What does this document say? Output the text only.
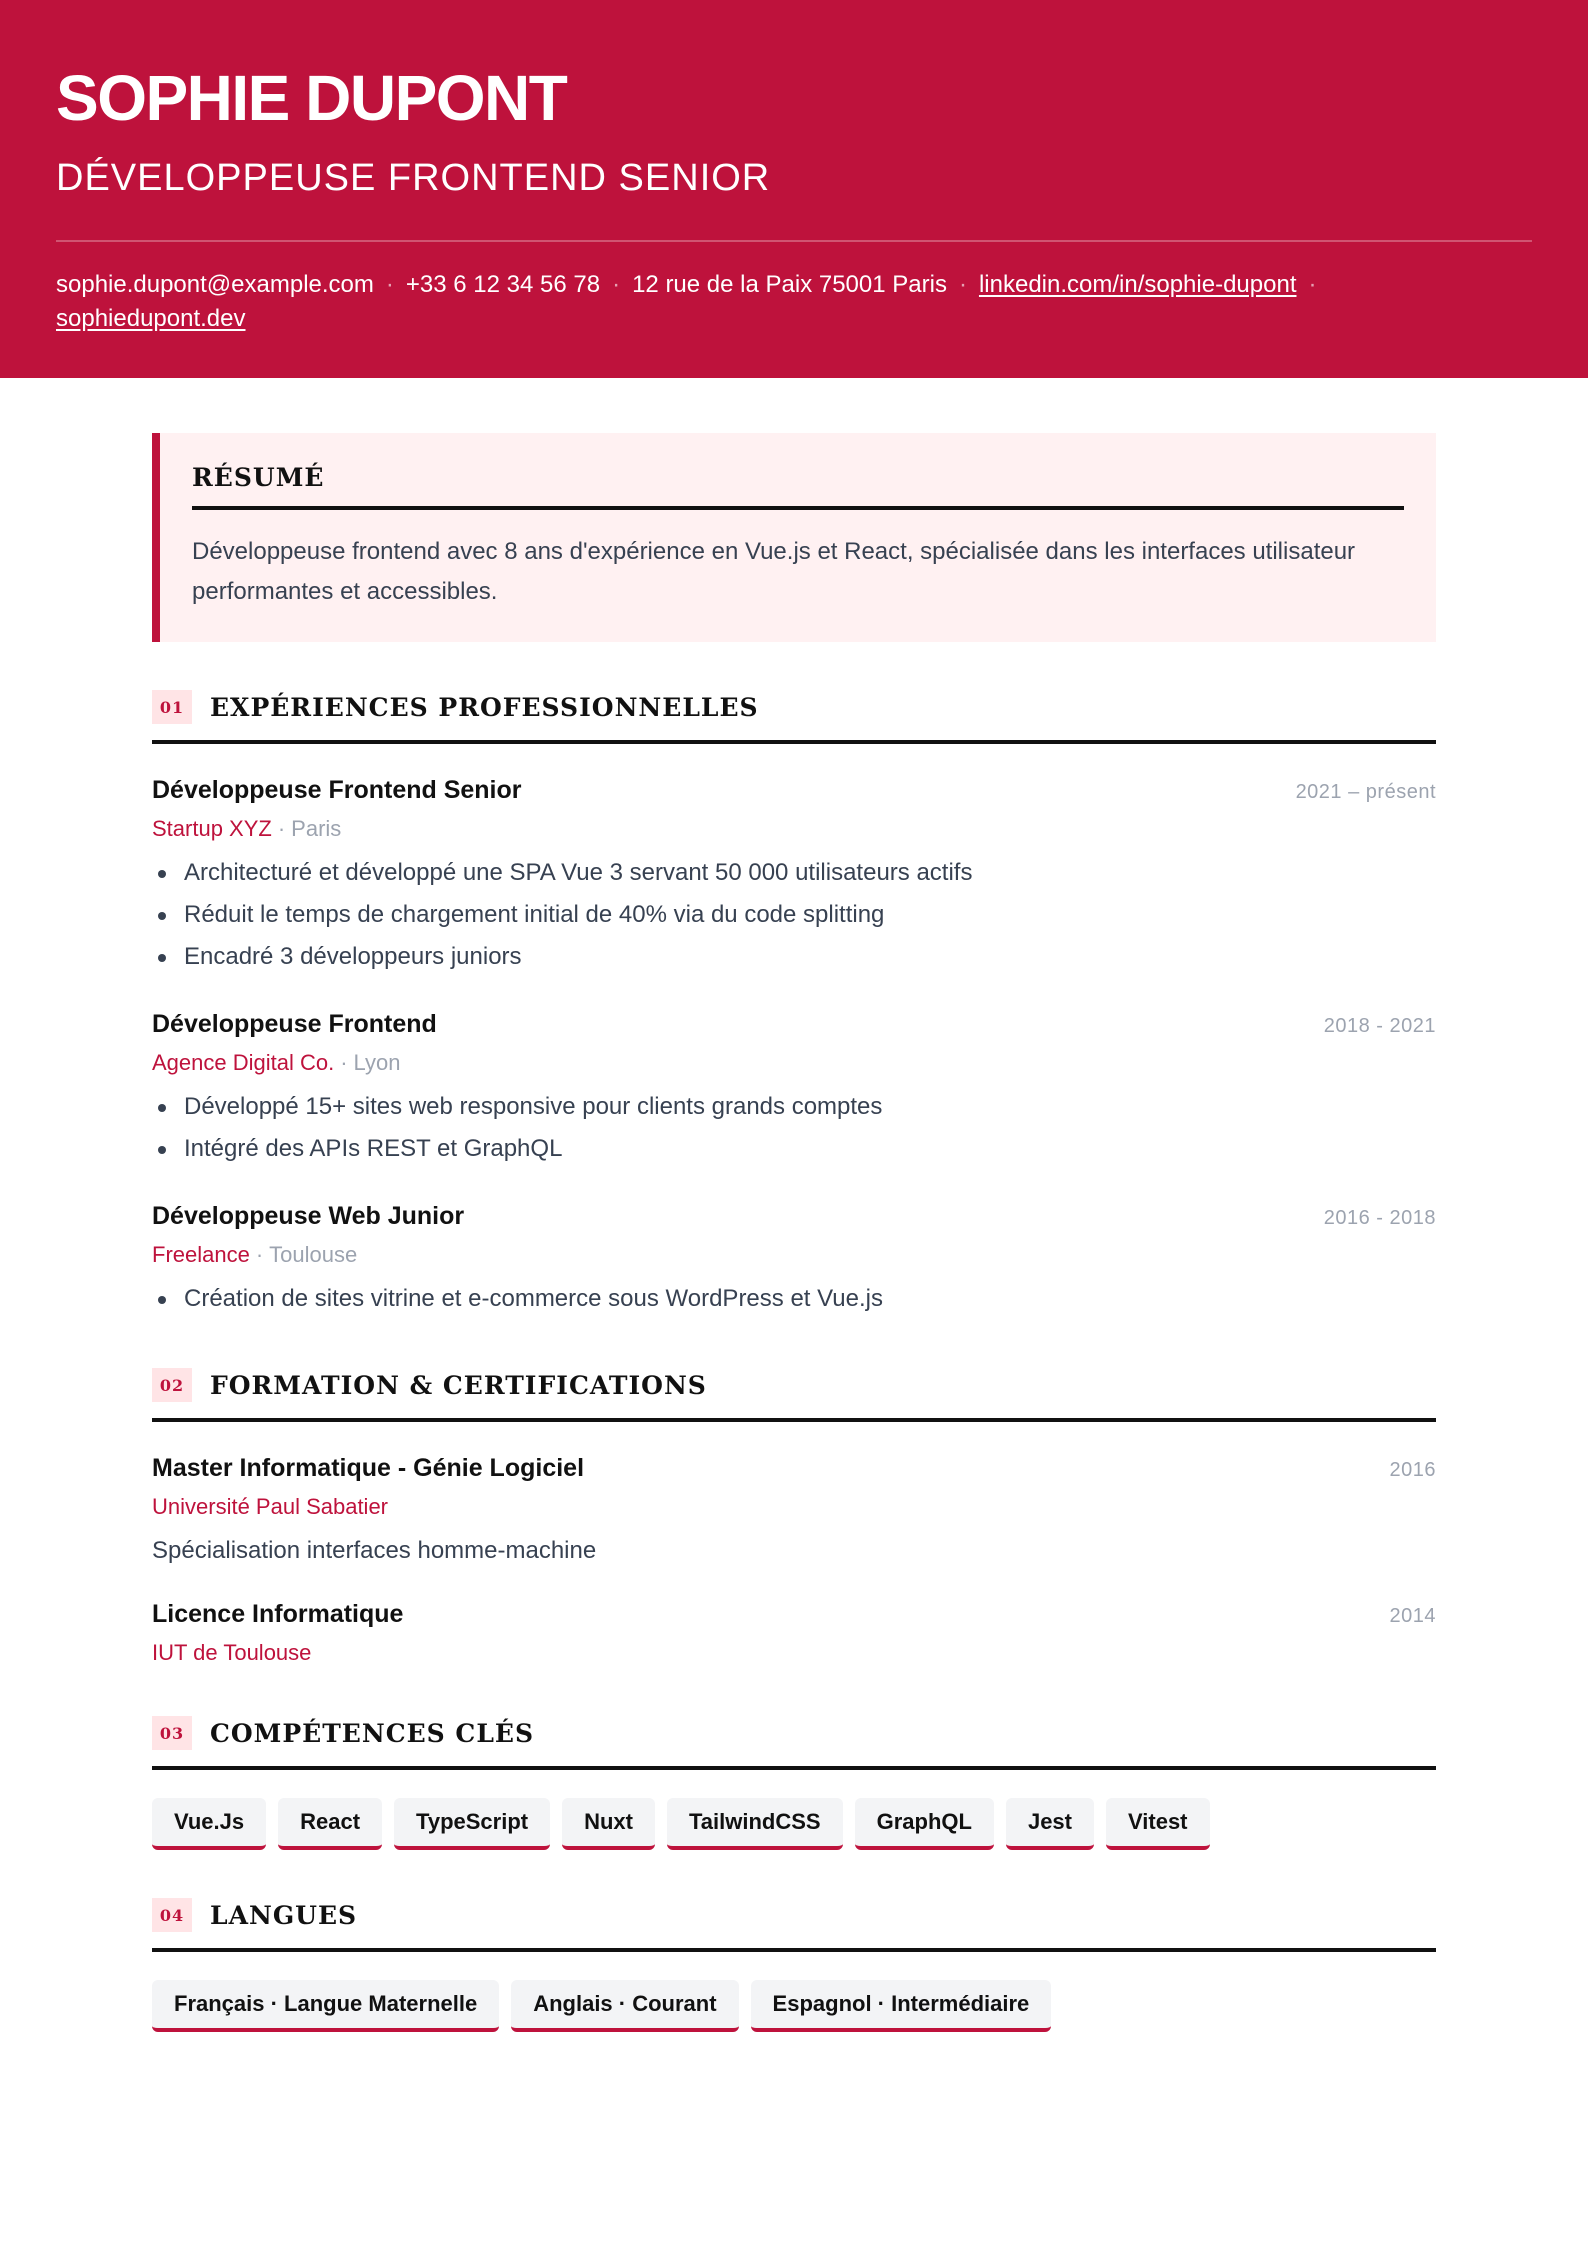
SOPHIE DUPONT
DÉVELOPPEUSE FRONTEND SENIOR
sophie.dupont@example.com · +33 6 12 34 56 78 · 12 rue de la Paix 75001 Paris · linkedin.com/in/sophie-dupont ·
sophiedupont.dev
RÉSUMÉ

Développeuse frontend avec 8 ans d'expérience en Vue.js et React, spécialisée dans les interfaces utilisateur performantes et accessibles.

01	EXPÉRIENCES PROFESSIONNELLES
Développeuse Frontend Senior	2021 – présent
Startup XYZ · Paris
Architecturé et développé une SPA Vue 3 servant 50 000 utilisateurs actifs
Réduit le temps de chargement initial de 40% via du code splitting
Encadré 3 développeurs juniors
Développeuse Frontend	2018 - 2021
Agence Digital Co. · Lyon
Développé 15+ sites web responsive pour clients grands comptes
Intégré des APIs REST et GraphQL
Développeuse Web Junior	2016 - 2018
Freelance · Toulouse
Création de sites vitrine et e-commerce sous WordPress et Vue.js
02	FORMATION & CERTIFICATIONS
Master Informatique - Génie Logiciel	2016
Université Paul Sabatier
Spécialisation interfaces homme-machine
Licence Informatique	2014
IUT de Toulouse
03	COMPÉTENCES CLÉS
Vue.Js	React	TypeScript	Nuxt	TailwindCSS	GraphQL	Jest	Vitest
04	LANGUES
Français · Langue Maternelle	Anglais · Courant	Espagnol · Intermédiaire
